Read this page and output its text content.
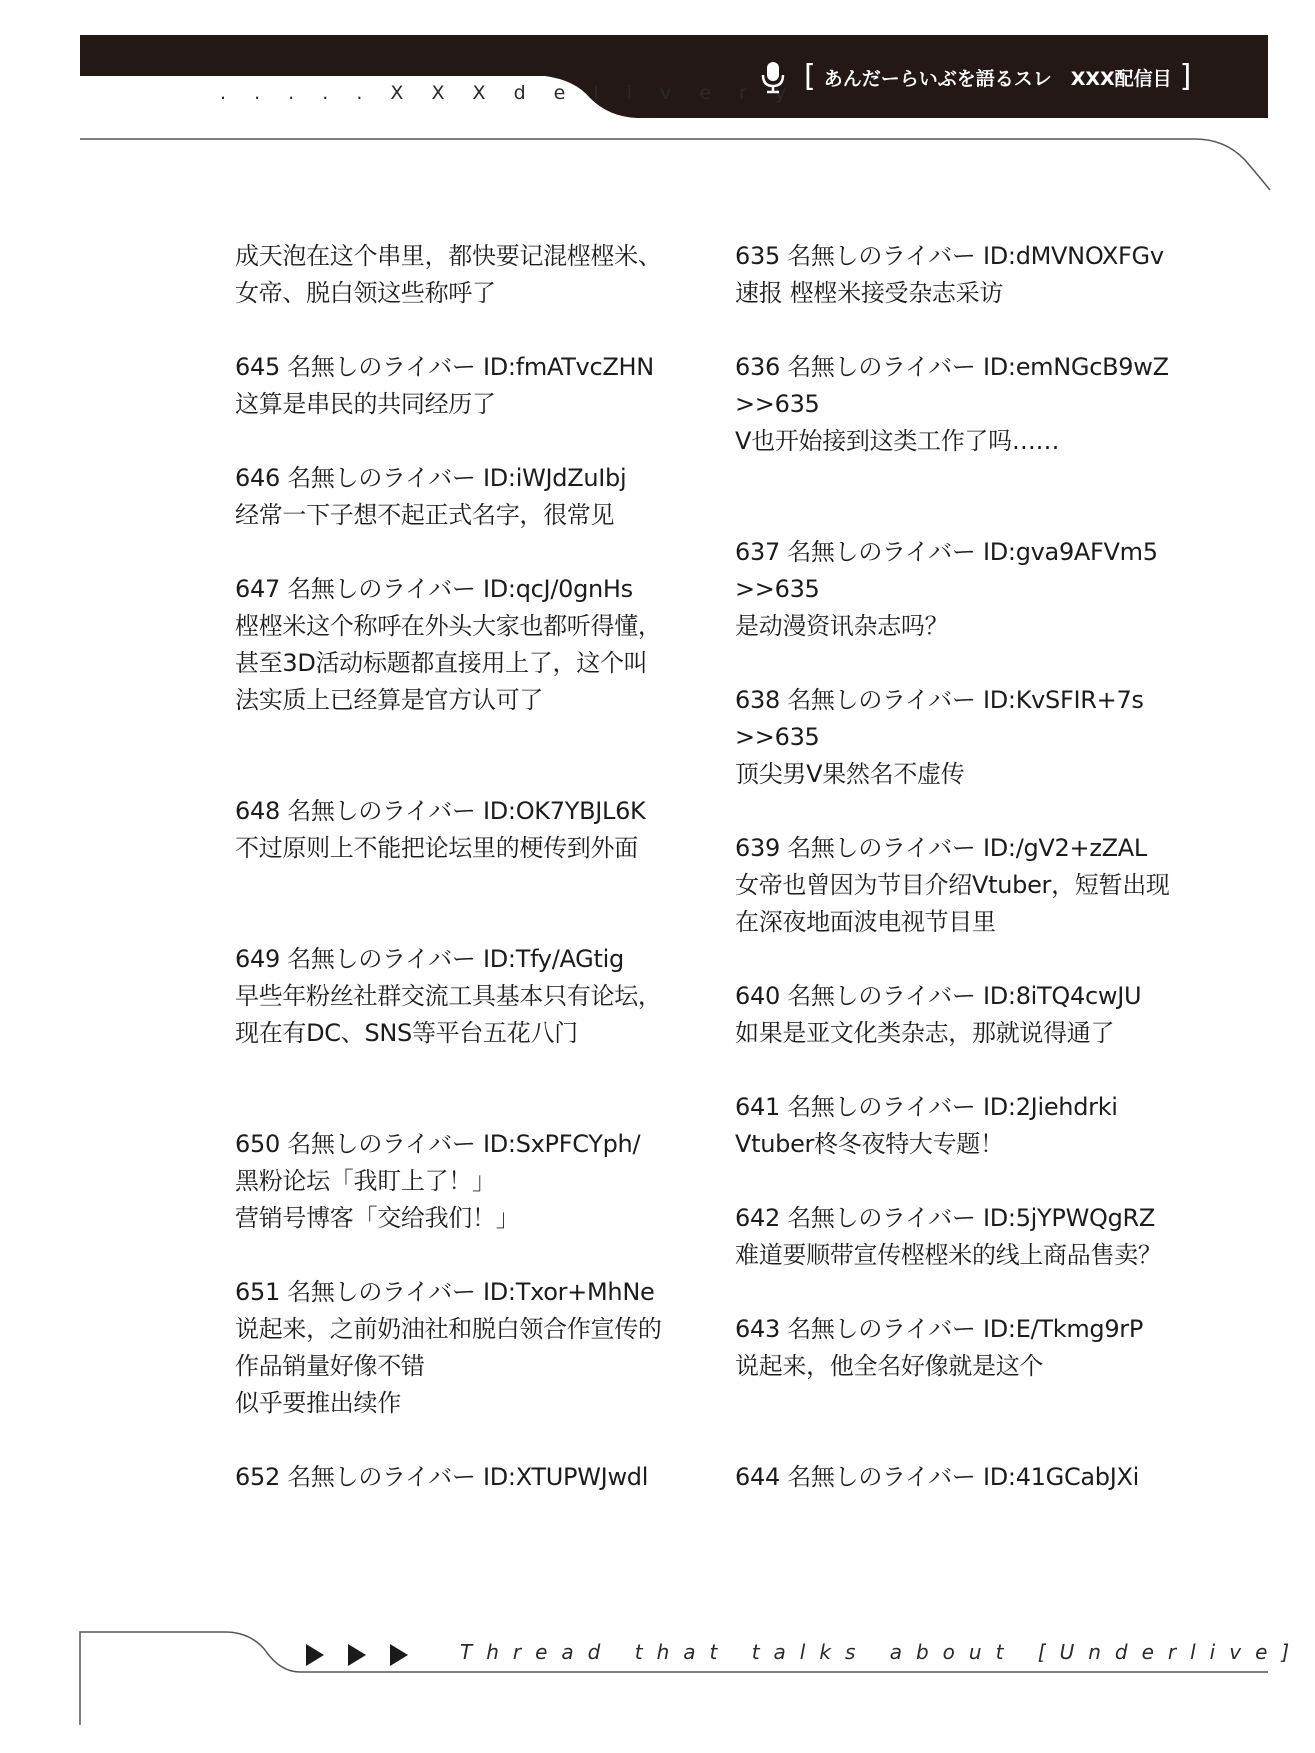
. . . . . X X X d e l i v e r y [ あんだーらいぶを語るスレ　XXX配信目 ]
成天泡在这个串里，都快要记混㭴㭴米、
女帝、脱白领这些称呼了
645 名無しのライバー ID:fmATvcZHN
这算是串民的共同经历了
646 名無しのライバー ID:iWJdZuIbj
经常一下子想不起正式名字，很常见
647 名無しのライバー ID:qcJ/0gnHs
㭴㭴米这个称呼在外头大家也都听得懂，
甚至3D活动标题都直接用上了，这个叫
法实质上已经算是官方认可了
648 名無しのライバー ID:OK7YBJL6K
不过原则上不能把论坛里的梗传到外面
649 名無しのライバー ID:Tfy/AGtig
早些年粉丝社群交流工具基本只有论坛，
现在有DC、SNS等平台五花八门
650 名無しのライバー ID:SxPFCYph/
黑粉论坛「我盯上了！」
营销号博客「交给我们！」
651 名無しのライバー ID:Txor+MhNe
说起来，之前奶油社和脱白领合作宣传的
作品销量好像不错
似乎要推出续作
652 名無しのライバー ID:XTUPWJwdl
635 名無しのライバー ID:dMVNOXFGv
速报 㭴㭴米接受杂志采访
636 名無しのライバー ID:emNGcB9wZ
>>635
V也开始接到这类工作了吗……
637 名無しのライバー ID:gva9AFVm5
>>635
是动漫资讯杂志吗？
638 名無しのライバー ID:KvSFIR+7s
>>635
顶尖男V果然名不虚传
639 名無しのライバー ID:/gV2+zZAL
女帝也曾因为节目介绍Vtuber，短暂出现
在深夜地面波电视节目里
640 名無しのライバー ID:8iTQ4cwJU
如果是亚文化类杂志，那就说得通了
641 名無しのライバー ID:2Jiehdrki
Vtuber柊冬夜特大专题！
642 名無しのライバー ID:5jYPWQgRZ
难道要顺带宣传㭴㭴米的线上商品售卖？
643 名無しのライバー ID:E/Tkmg9rP
说起来，他全名好像就是这个
644 名無しのライバー ID:41GCabJXi
Thread that talks about [Underlive]
